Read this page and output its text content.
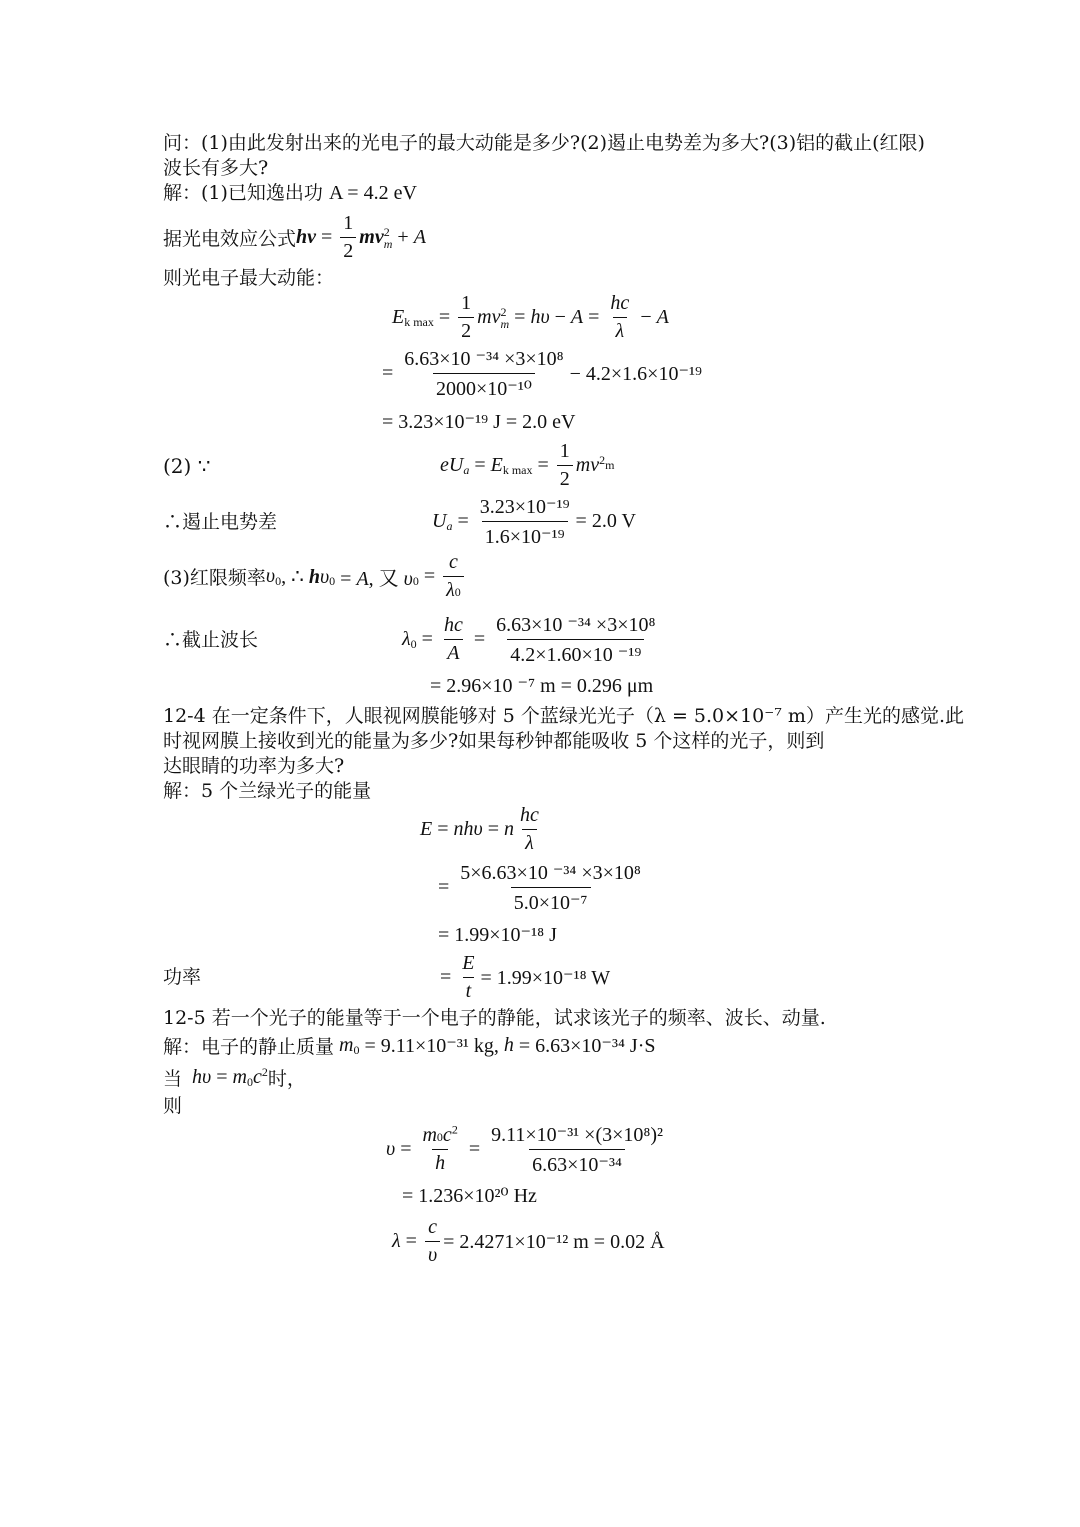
问：(1)由此发射出来的光电子的最大动能是多少?(2)遏止电势差为多大?(3)铝的截止(红限)
波长有多大?
解：(1)已知逸出功 A = 4.2 eV
据光电效应公式 hv = $\frac{1}{2}$ mv 2
m + A
则光电子最大动能：
E k $\max = \frac{1}{2}$ mv 2
$m = h\upsilon - A = \frac{hc}{\lambda} - A$
= $\frac{\text{6.63×10 ⁻³⁴ ×3×10⁸}}{\text{2000×10⁻¹⁰}} - 4.2\times 1.6\times 10^{-19}$
= 3.23×10⁻¹⁹ J = 2.0 eV
(2) ∵	eU a = E k $\max = \frac{1}{2}$ mv 2 m
∴遏止电势差	U $a = \frac{\text{3.23×10⁻¹⁹}}{\text{1.6×10⁻¹⁹}} = 2.0$ V
(3)红限频率 υ 0 , ∴ hυ 0 = A, 又 υ $0 = \frac{c}{\lambda 0}$
∴截止波长	λ $0 = \frac{hc}{A} = \frac{\text{6.63×10 ⁻³⁴ ×3×10⁸}}{\text{4.2×1.60×10 ⁻¹⁹}}$
= 2.96×10 ⁻⁷ m = 0.296 μm
12-4 在一定条件下，人眼视网膜能够对 5 个蓝绿光光子（λ = 5.0×10⁻⁷ m）产生光的感觉.此
时视网膜上接收到光的能量为多少?如果每秒钟都能吸收 5 个这样的光子，则到
达眼睛的功率为多大?
解：5 个兰绿光子的能量
E = nhυ = n $\frac{hc}{\lambda}$
= $\frac{\text{5×6.63×10 ⁻³⁴ ×3×10⁸}}{\text{5.0×10⁻⁷}}$
= 1.99×10⁻¹⁸ J
功率	= $\frac{E}{t} = 1.99\times 10^{-18}$ W
12-5 若一个光子的能量等于一个电子的静能，试求该光子的频率、波长、动量.
解：电子的静止质量 m 0
= 9.11×10⁻³¹ kg, h = 6.63×10⁻³⁴ J·S
当 hυ = m 0 c 2 时，
则
$\upsilon = \frac{m0c^2}{h} = \frac{\text{9.11×10⁻³¹ ×(3×10⁸)²}}{\text{6.63×10⁻³⁴}}$
= 1.236×10²⁰ Hz
$\lambda = \frac{c}{\upsilon} = 2.4271\times 10^{-12}$ m = 0.02 Å
